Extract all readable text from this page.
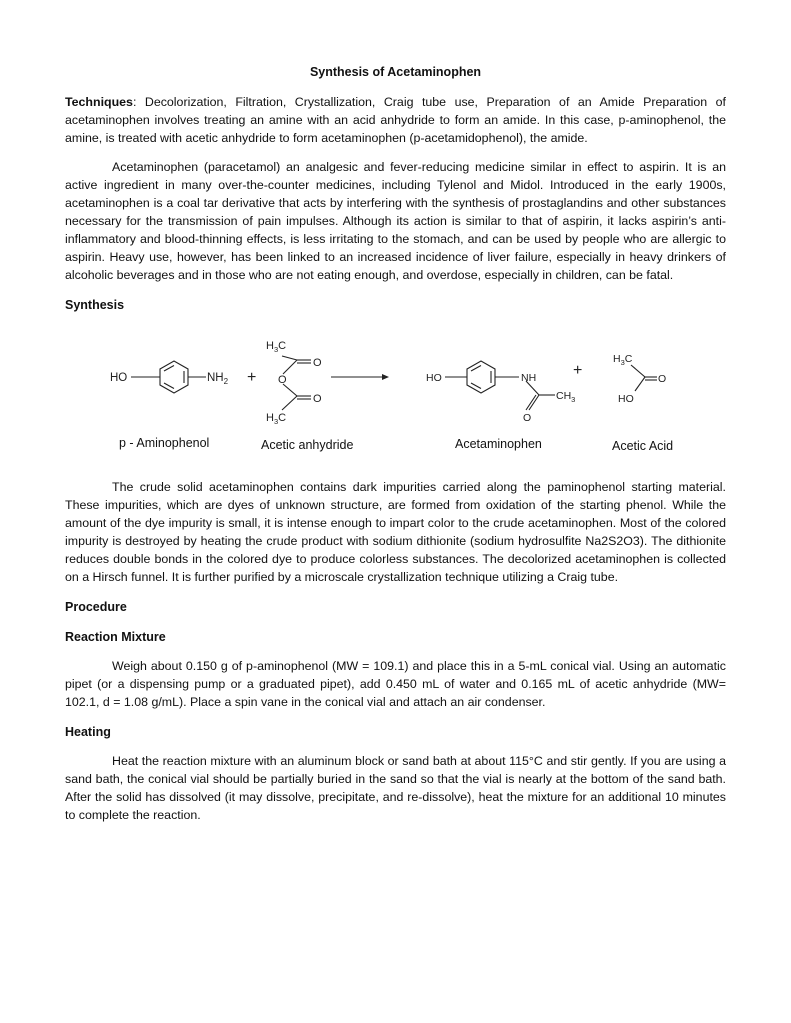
Synthesis of Acetaminophen

Techniques: Decolorization, Filtration, Crystallization, Craig tube use, Preparation of an Amide Preparation of acetaminophen involves treating an amine with an acid anhydride to form an amide. In this case, p-aminophenol, the amine, is treated with acetic anhydride to form acetaminophen (p-acetamidophenol), the amide.

Acetaminophen (paracetamol) an analgesic and fever-reducing medicine similar in effect to aspirin. It is an active ingredient in many over-the-counter medicines, including Tylenol and Midol. Introduced in the early 1900s, acetaminophen is a coal tar derivative that acts by interfering with the synthesis of prostaglandins and other substances necessary for the transmission of pain impulses. Although its action is similar to that of aspirin, it lacks aspirin’s anti-inflammatory and blood-thinning effects, is less irritating to the stomach, and can be used by people who are allergic to aspirin. Heavy use, however, has been linked to an increased incidence of liver failure, especially in heavy drinkers of alcoholic beverages and in those who are not eating enough, and overdose, especially in children, can be fatal.

Synthesis
HO	$NH_2$ +
$H_3C$
O
O
O
$H_3C$
HO	NH
$CH_3$
O
+
$H_3C$
O
HO
p - Aminophenol	Acetic anhydride	Acetaminophen	Acetic Acid

The crude solid acetaminophen contains dark impurities carried along the paminophenol starting material. These impurities, which are dyes of unknown structure, are formed from oxidation of the starting phenol. While the amount of the dye impurity is small, it is intense enough to impart color to the crude acetaminophen. Most of the colored impurity is destroyed by heating the crude product with sodium dithionite (sodium hydrosulfite Na2S2O3). The dithionite reduces double bonds in the colored dye to produce colorless substances. The decolorized acetaminophen is collected on a Hirsch funnel. It is further purified by a microscale crystallization technique utilizing a Craig tube.

Procedure
Reaction Mixture

Weigh about 0.150 g of p-aminophenol (MW = 109.1) and place this in a 5-mL conical vial. Using an automatic pipet (or a dispensing pump or a graduated pipet), add 0.450 mL of water and 0.165 mL of acetic anhydride (MW= 102.1, d = 1.08 g/mL). Place a spin vane in the conical vial and attach an air condenser.

Heating

Heat the reaction mixture with an aluminum block or sand bath at about 115°C and stir gently. If you are using a sand bath, the conical vial should be partially buried in the sand so that the vial is nearly at the bottom of the sand bath. After the solid has dissolved (it may dissolve, precipitate, and re-dissolve), heat the mixture for an additional 10 minutes to complete the reaction.
